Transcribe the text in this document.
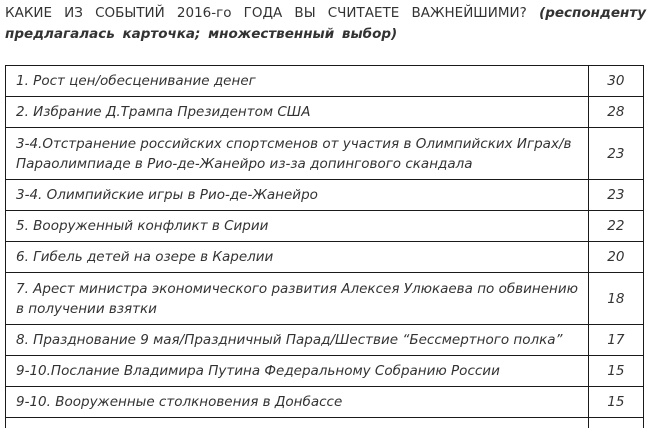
КАКИЕ ИЗ СОБЫТИЙ 2016-го ГОДА ВЫ СЧИТАЕТЕ ВАЖНЕЙШИМИ? (респонденту предлагалась карточка; множественный выбор)
1. Рост цен/обесценивание денег	30
2. Избрание Д.Трампа Президентом США	28
3-4.Отстранение российских спортсменов от участия в Олимпийских Играх/в Параолимпиаде в Рио-де-Жанейро из-за допингового скандала	23
3-4. Олимпийские игры в Рио-де-Жанейро	23
5. Вооруженный конфликт в Сирии	22
6. Гибель детей на озере в Карелии	20
7. Арест министра экономического развития Алексея Улюкаева по обвинению в получении взятки	18
8. Празднование 9 мая/Праздничный Парад/Шествие “Бессмертного полка”	17
9-10.Послание Владимира Путина Федеральному Собранию России	15
9-10. Вооруженные столкновения в Донбассе	15
